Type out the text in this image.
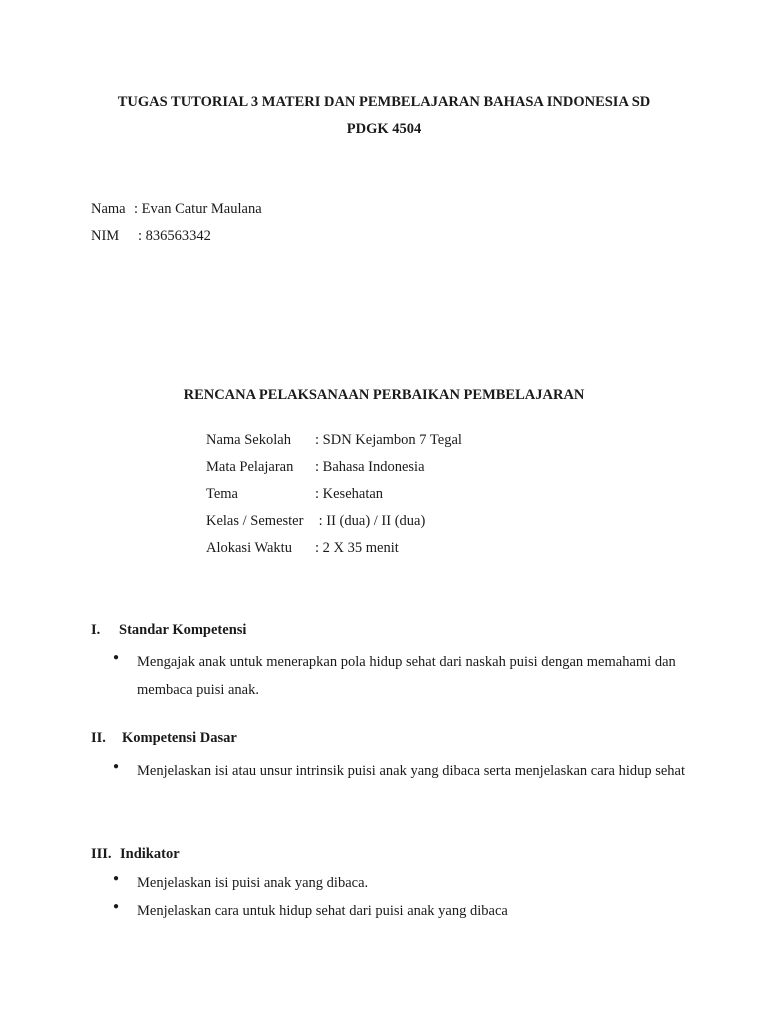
TUGAS TUTORIAL 3 MATERI DAN PEMBELAJARAN BAHASA INDONESIA SD
PDGK 4504
Nama : Evan Catur Maulana
NIM : 836563342
RENCANA PELAKSANAAN PERBAIKAN PEMBELAJARAN
Nama Sekolah : SDN Kejambon 7 Tegal
Mata Pelajaran : Bahasa Indonesia
Tema	: Kesehatan
Kelas / Semester : II (dua) / II (dua)
Alokasi Waktu : 2 X 35 menit
I. Standar Kompetensi
● Mengajak anak untuk menerapkan pola hidup sehat dari naskah puisi dengan memahami dan membaca puisi anak.
II. Kompetensi Dasar
● Menjelaskan isi atau unsur intrinsik puisi anak yang dibaca serta menjelaskan cara hidup sehat
III. Indikator
● Menjelaskan isi puisi anak yang dibaca.
● Menjelaskan cara untuk hidup sehat dari puisi anak yang dibaca
